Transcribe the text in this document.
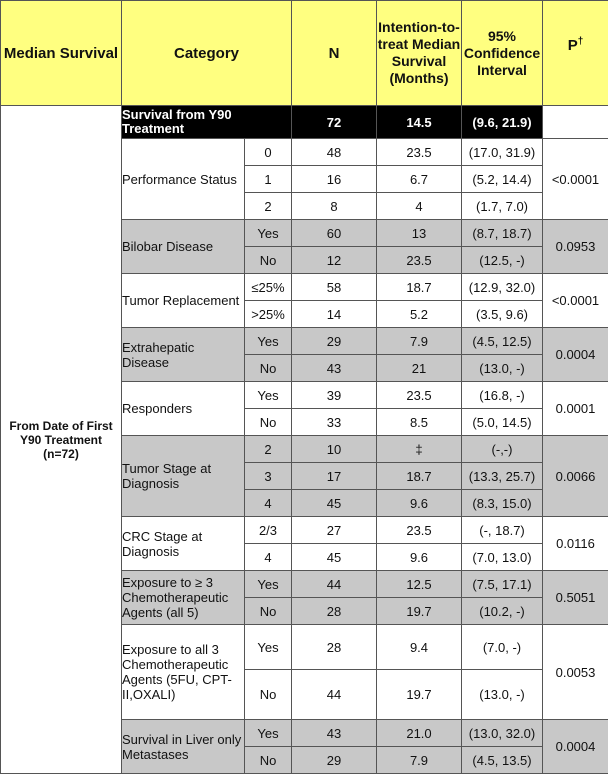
Median Survival	Category		N	Intention-to-treat Median Survival (Months)	95% Confidence Interval	P†
From Date of First Y90 Treatment (n=72)	Survival from Y90 Treatment		72	14.5	(9.6, 21.9)	
	Performance Status	0	48	23.5	(17.0, 31.9)	<0.0001
		1	16	6.7	(5.2, 14.4)	
		2	8	4	(1.7, 7.0)	
	Bilobar Disease	Yes	60	13	(8.7, 18.7)	0.0953
		No	12	23.5	(12.5, -)	
	Tumor Replacement	≤25%	58	18.7	(12.9, 32.0)	<0.0001
		>25%	14	5.2	(3.5, 9.6)	
	Extrahepatic Disease	Yes	29	7.9	(4.5, 12.5)	0.0004
		No	43	21	(13.0, -)	
	Responders	Yes	39	23.5	(16.8, -)	0.0001
		No	33	8.5	(5.0, 14.5)	
	Tumor Stage at Diagnosis	2	10	‡	(-,-)	0.0066
		3	17	18.7	(13.3, 25.7)	
		4	45	9.6	(8.3, 15.0)	
	CRC Stage at Diagnosis	2/3	27	23.5	(-, 18.7)	0.0116
		4	45	9.6	(7.0, 13.0)	
	Exposure to ≥ 3 Chemotherapeutic Agents (all 5)	Yes	44	12.5	(7.5, 17.1)	0.5051
		No	28	19.7	(10.2, -)	
	Exposure to all 3 Chemotherapeutic Agents (5FU, CPT-II,OXALI)	Yes	28	9.4	(7.0, -)	0.0053
		No	44	19.7	(13.0, -)	
	Survival in Liver only Metastases	Yes	43	21.0	(13.0, 32.0)	0.0004
		No	29	7.9	(4.5, 13.5)	
